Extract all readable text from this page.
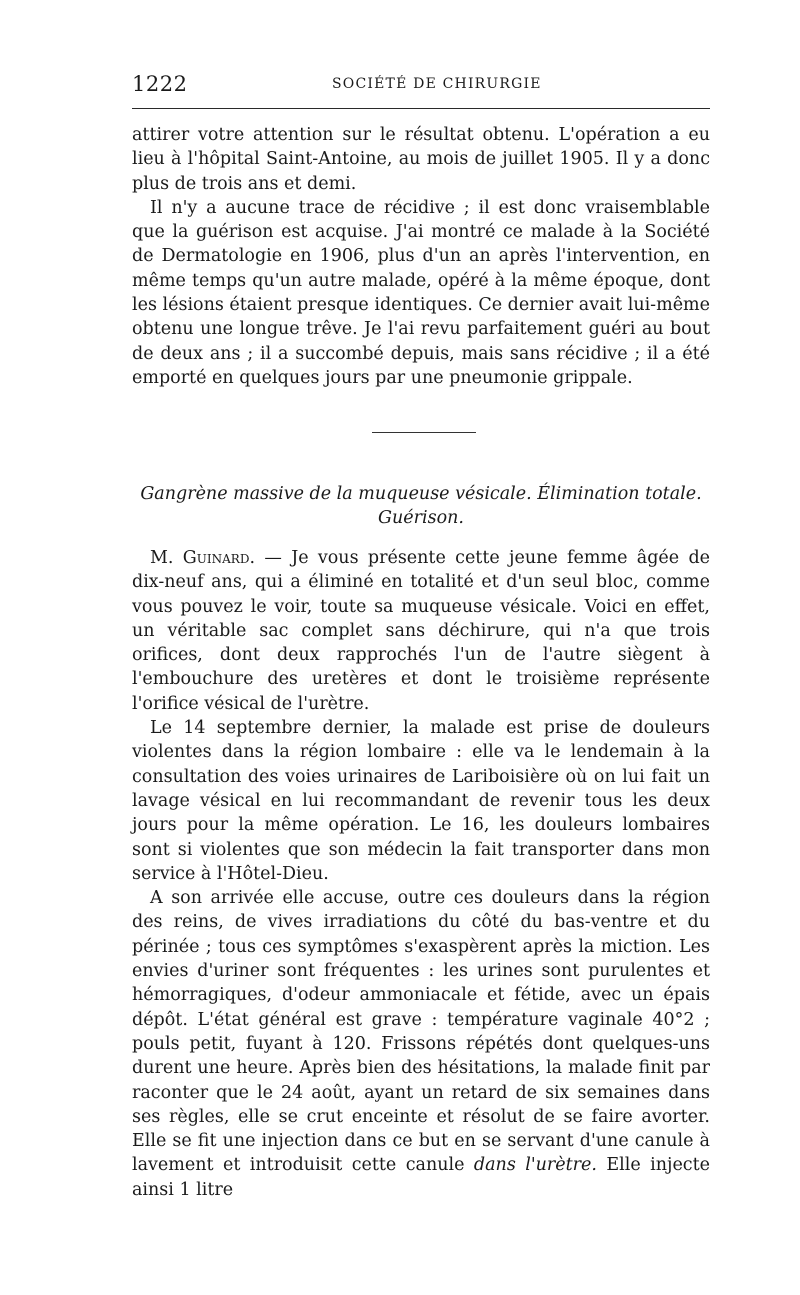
1222	SOCIÉTÉ DE CHIRURGIE

attirer votre attention sur le résultat obtenu. L'opération a eu lieu à l'hôpital Saint-Antoine, au mois de juillet 1905. Il y a donc plus de trois ans et demi.

Il n'y a aucune trace de récidive ; il est donc vraisemblable que la guérison est acquise. J'ai montré ce malade à la Société de Dermatologie en 1906, plus d'un an après l'intervention, en même temps qu'un autre malade, opéré à la même époque, dont les lésions étaient presque identiques. Ce dernier avait lui-même obtenu une longue trêve. Je l'ai revu parfaitement guéri au bout de deux ans ; il a succombé depuis, mais sans récidive ; il a été emporté en quelques jours par une pneumonie grippale.

Gangrène massive de la muqueuse vésicale. Élimination totale.
Guérison.

M. Guinard. — Je vous présente cette jeune femme âgée de dix-neuf ans, qui a éliminé en totalité et d'un seul bloc, comme vous pouvez le voir, toute sa muqueuse vésicale. Voici en effet, un véritable sac complet sans déchirure, qui n'a que trois orifices, dont deux rapprochés l'un de l'autre siègent à l'embouchure des uretères et dont le troisième représente l'orifice vésical de l'urètre.

Le 14 septembre dernier, la malade est prise de douleurs violentes dans la région lombaire : elle va le lendemain à la consultation des voies urinaires de Lariboisière où on lui fait un lavage vésical en lui recommandant de revenir tous les deux jours pour la même opération. Le 16, les douleurs lombaires sont si violentes que son médecin la fait transporter dans mon service à l'Hôtel-Dieu.

A son arrivée elle accuse, outre ces douleurs dans la région des reins, de vives irradiations du côté du bas-ventre et du périnée ; tous ces symptômes s'exaspèrent après la miction. Les envies d'uriner sont fréquentes : les urines sont purulentes et hémorragiques, d'odeur ammoniacale et fétide, avec un épais dépôt. L'état général est grave : température vaginale 40°2 ; pouls petit, fuyant à 120. Frissons répétés dont quelques-uns durent une heure. Après bien des hésitations, la malade finit par raconter que le 24 août, ayant un retard de six semaines dans ses règles, elle se crut enceinte et résolut de se faire avorter. Elle se fit une injection dans ce but en se servant d'une canule à lavement et introduisit cette canule dans l'urètre. Elle injecte ainsi 1 litre
